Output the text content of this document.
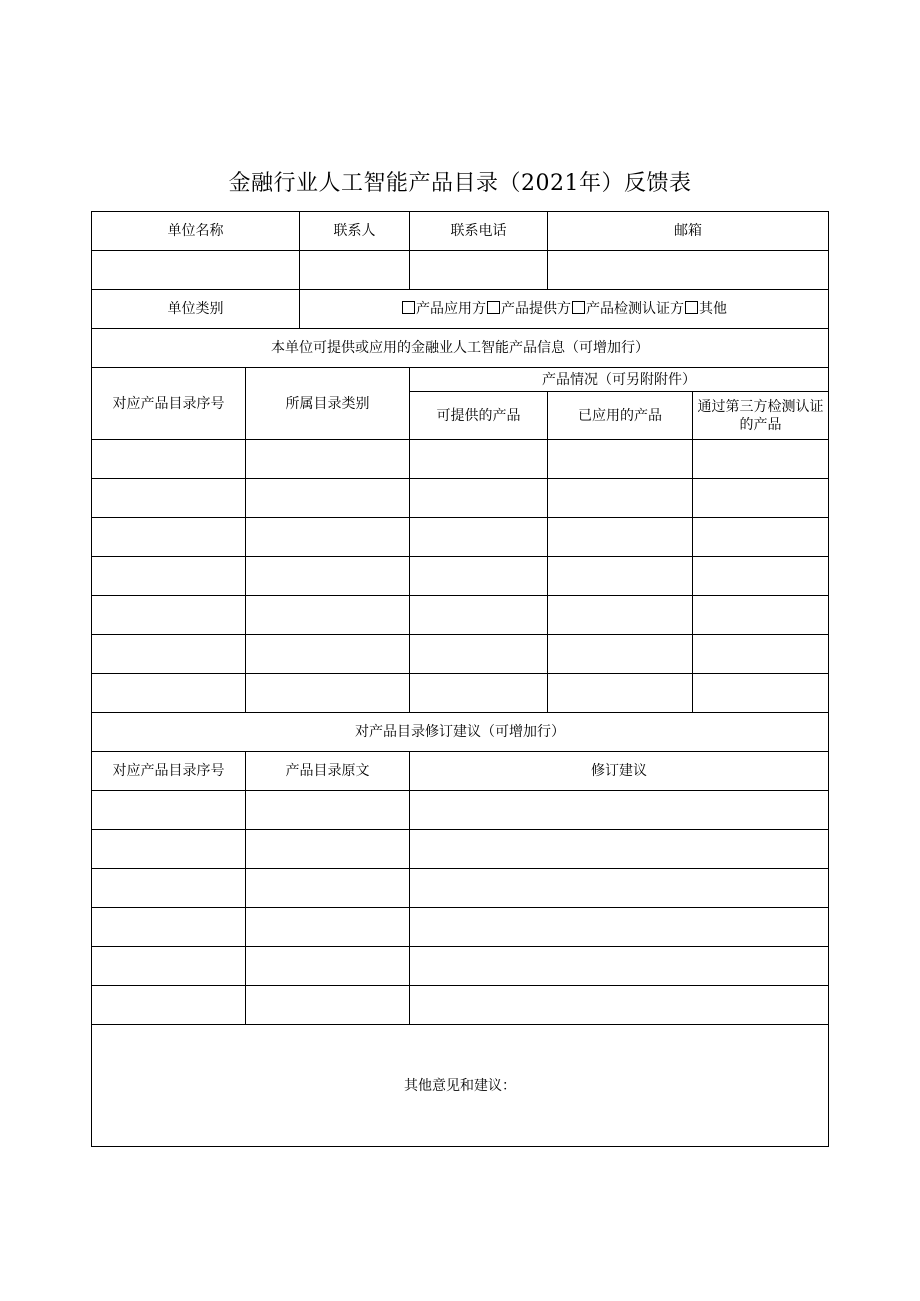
金融行业人工智能产品目录（2021年）反馈表
单位名称		联系人	联系电话	邮箱	

单位类别		产品应用方 产品提供方 产品检测认证方 其他			
本单位可提供或应用的金融业人工智能产品信息（可增加行）					
对应产品目录序号	所属目录类别		产品情况（可另附附件）		
			可提供的产品	已应用的产品	通过第三方检测认证的产品

对产品目录修订建议（可增加行）					
对应产品目录序号	产品目录原文		修订建议		

其他意见和建议：					
